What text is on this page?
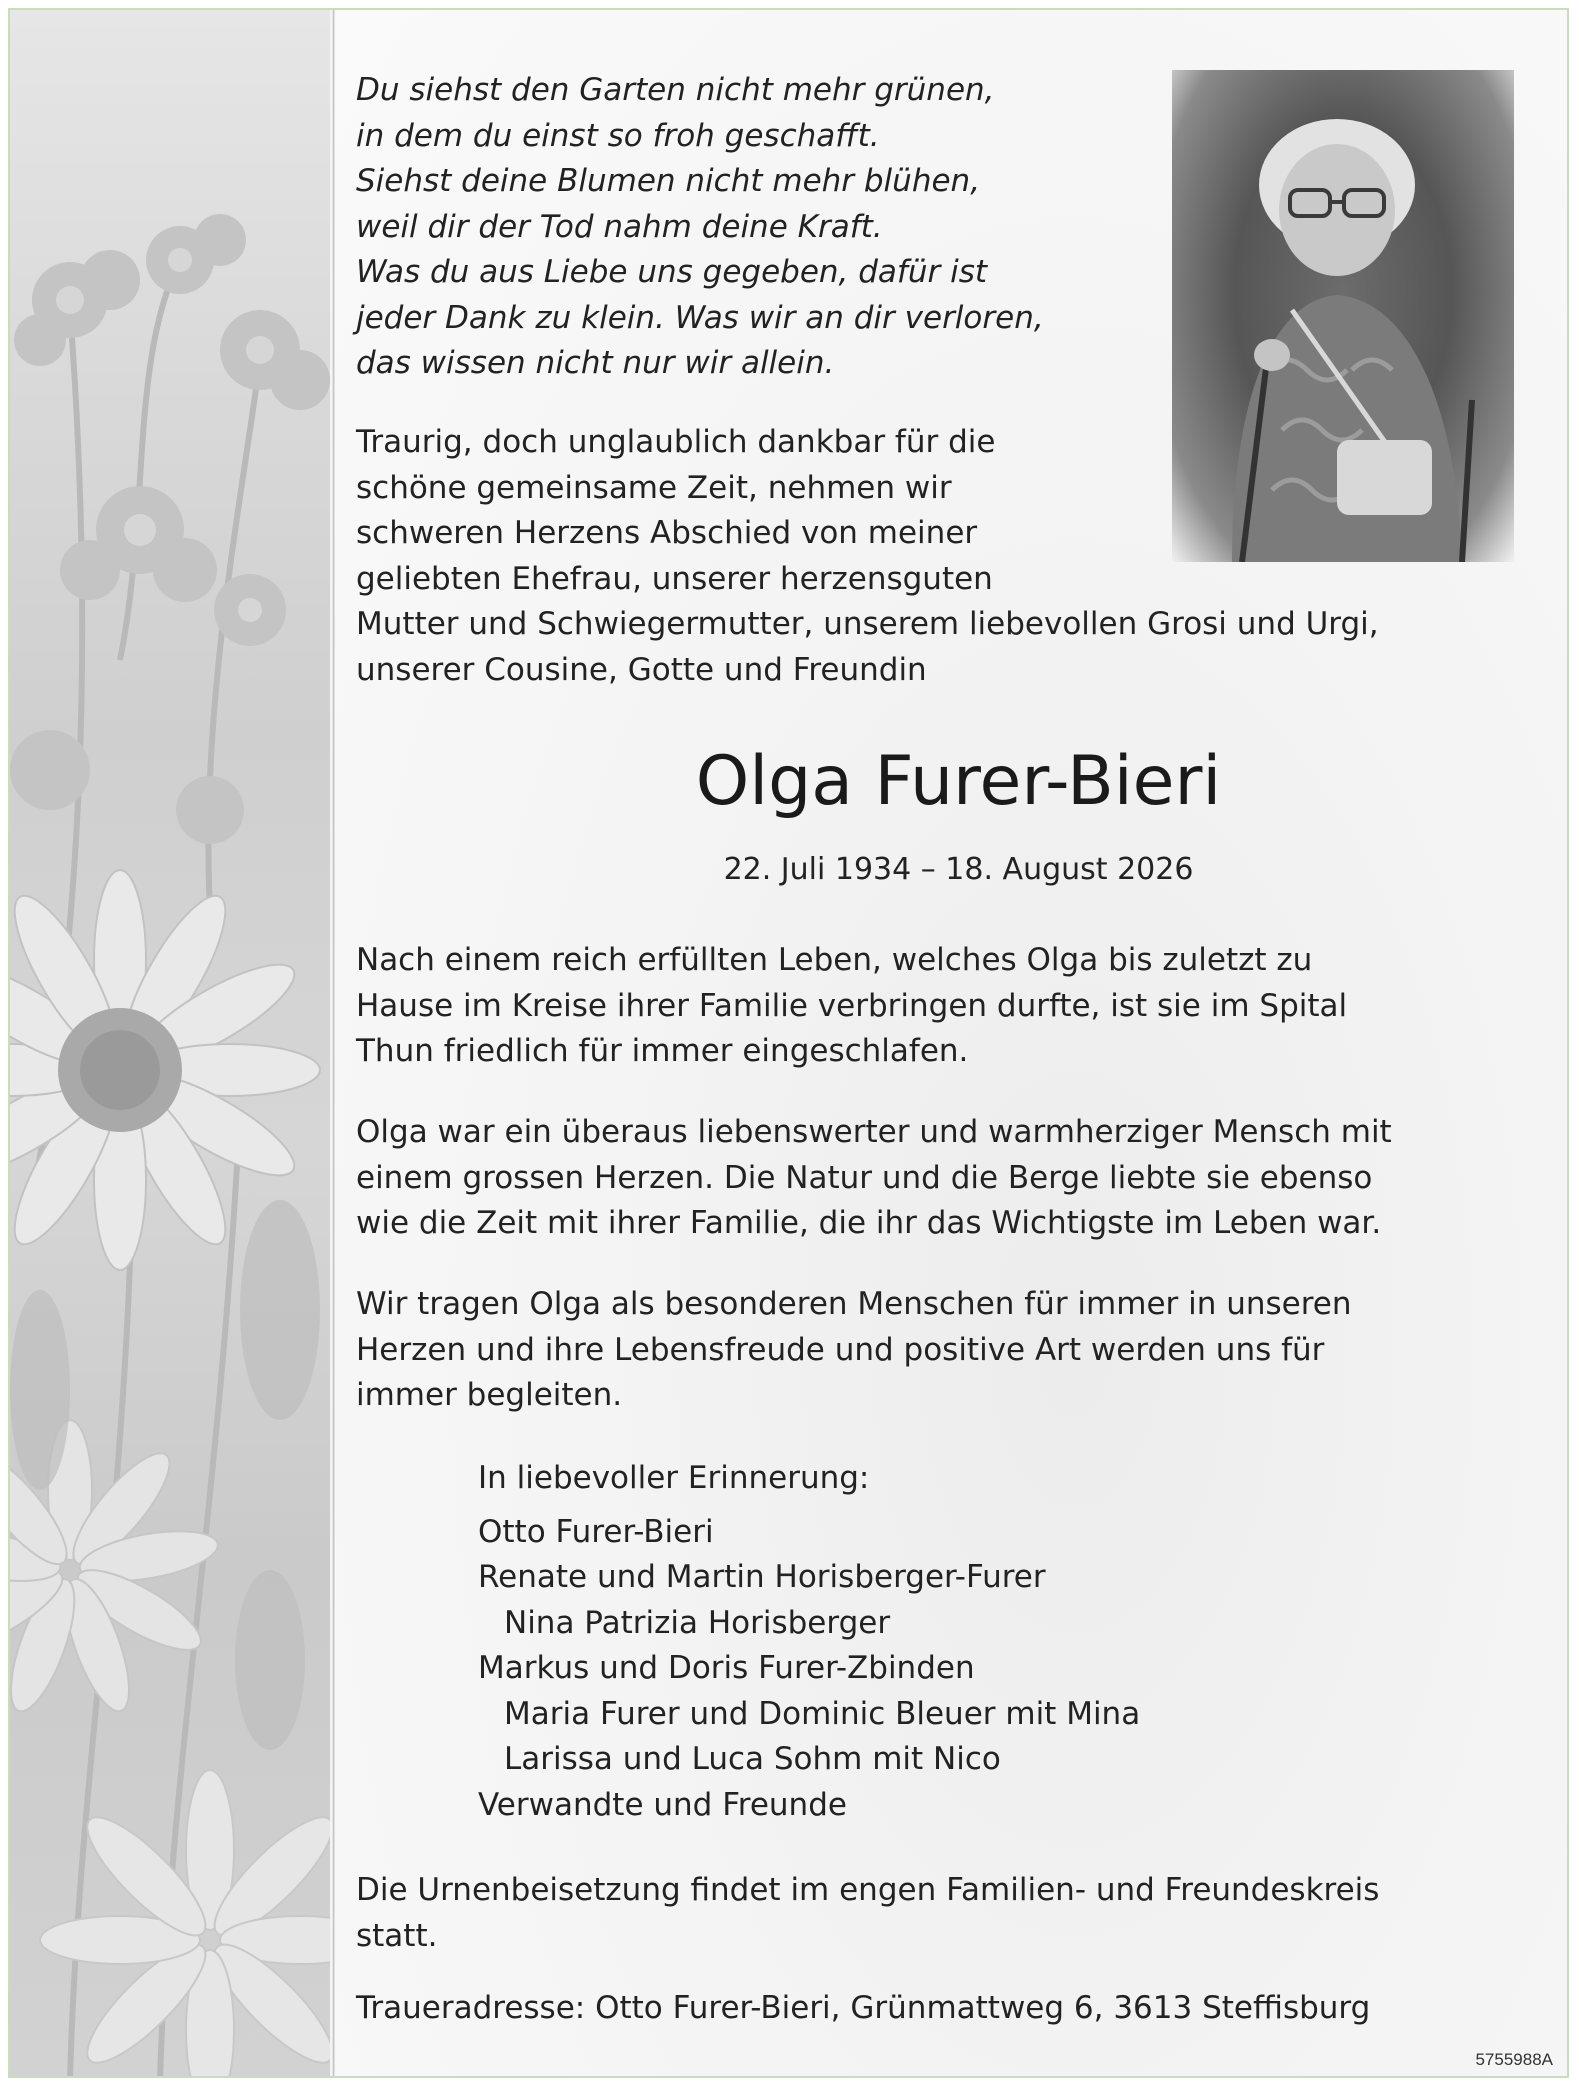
Du siehst den Garten nicht mehr grünen,
in dem du einst so froh geschafft.
Siehst deine Blumen nicht mehr blühen,
weil dir der Tod nahm deine Kraft.
Was du aus Liebe uns gegeben, dafür ist
jeder Dank zu klein. Was wir an dir verloren,
das wissen nicht nur wir allein.
Traurig, doch unglaublich dankbar für die
schöne gemeinsame Zeit, nehmen wir
schweren Herzens Abschied von meiner
geliebten Ehefrau, unserer herzensguten
Mutter und Schwiegermutter, unserem liebevollen Grosi und Urgi,
unserer Cousine, Gotte und Freundin
Olga Furer-Bieri
22. Juli 1934 – 18. August 2026
Nach einem reich erfüllten Leben, welches Olga bis zuletzt zu
Hause im Kreise ihrer Familie verbringen durfte, ist sie im Spital
Thun friedlich für immer eingeschlafen.
Olga war ein überaus liebenswerter und warmherziger Mensch mit
einem grossen Herzen. Die Natur und die Berge liebte sie ebenso
wie die Zeit mit ihrer Familie, die ihr das Wichtigste im Leben war.
Wir tragen Olga als besonderen Menschen für immer in unseren
Herzen und ihre Lebensfreude und positive Art werden uns für
immer begleiten.
In liebevoller Erinnerung:
Otto Furer-Bieri
Renate und Martin Horisberger-Furer
Nina Patrizia Horisberger
Markus und Doris Furer-Zbinden
Maria Furer und Dominic Bleuer mit Mina
Larissa und Luca Sohm mit Nico
Verwandte und Freunde
Die Urnenbeisetzung findet im engen Familien- und Freundeskreis
statt.
Traueradresse: Otto Furer-Bieri, Grünmattweg 6, 3613 Steffisburg
5755988A
